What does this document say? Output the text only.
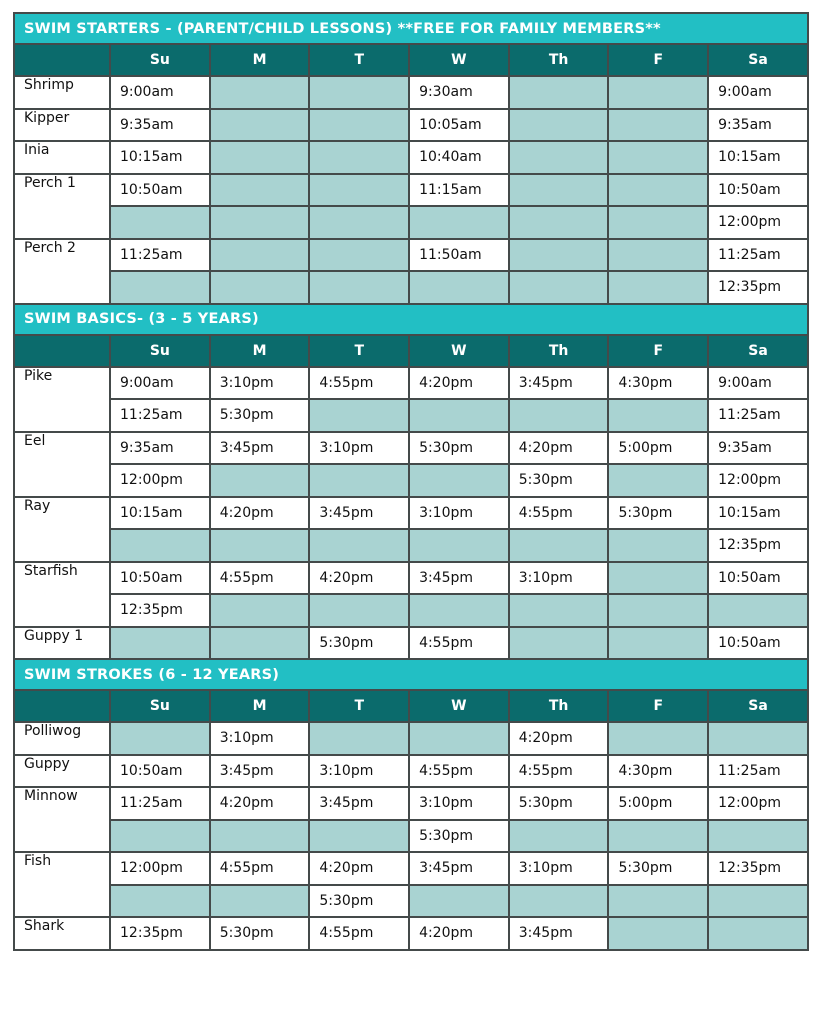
SWIM STARTERS - (PARENT/CHILD LESSONS) **FREE FOR FAMILY MEMBERS**							
	Su	M	T	W	Th	F	Sa
Shrimp	9:00am			9:30am			9:00am
Kipper	9:35am			10:05am			9:35am
Inia	10:15am			10:40am			10:15am
Perch 1	10:50am			11:15am			10:50am
							12:00pm
Perch 2	11:25am			11:50am			11:25am
							12:35pm
SWIM BASICS- (3 - 5 YEARS)							
	Su	M	T	W	Th	F	Sa
Pike	9:00am	3:10pm	4:55pm	4:20pm	3:45pm	4:30pm	9:00am
	11:25am	5:30pm					11:25am
Eel	9:35am	3:45pm	3:10pm	5:30pm	4:20pm	5:00pm	9:35am
	12:00pm				5:30pm		12:00pm
Ray	10:15am	4:20pm	3:45pm	3:10pm	4:55pm	5:30pm	10:15am
							12:35pm
Starfish	10:50am	4:55pm	4:20pm	3:45pm	3:10pm		10:50am
	12:35pm						
Guppy 1			5:30pm	4:55pm			10:50am
SWIM STROKES (6 - 12 YEARS)							
	Su	M	T	W	Th	F	Sa
Polliwog		3:10pm			4:20pm		
Guppy	10:50am	3:45pm	3:10pm	4:55pm	4:55pm	4:30pm	11:25am
Minnow	11:25am	4:20pm	3:45pm	3:10pm	5:30pm	5:00pm	12:00pm
				5:30pm			
Fish	12:00pm	4:55pm	4:20pm	3:45pm	3:10pm	5:30pm	12:35pm
			5:30pm				
Shark	12:35pm	5:30pm	4:55pm	4:20pm	3:45pm		
